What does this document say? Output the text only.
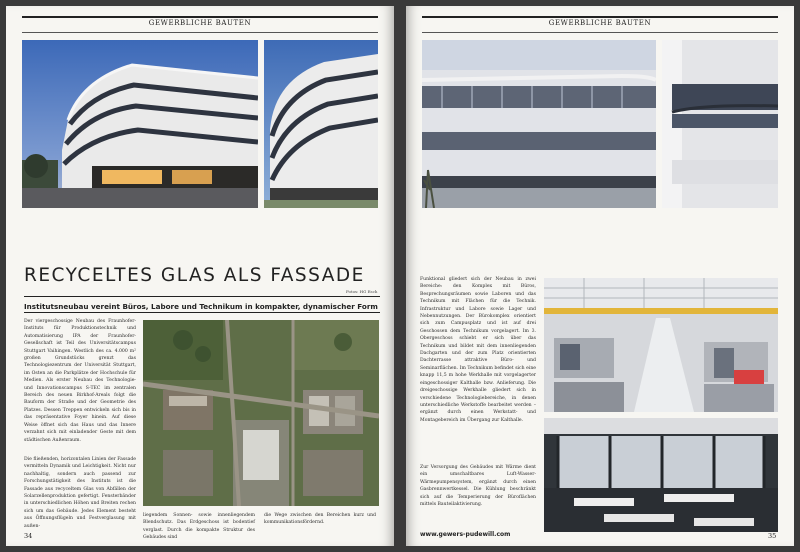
GEWERBLICHE BAUTEN
RECYCELTES GLAS ALS FASSADE
Fotos: HG Esch
Institutsneubau vereint Büros, Labore und Technikum in kompakter, dynamischer Form

Der viergeschossige Neubau des Fraunhofer-Instituts für Produktionstechnik und Automatisierung IPA der Fraunhofer-Gesellschaft ist Teil des Universitätscampus Stuttgart Vaihingen. Westlich des ca. 4.000 m² großen Grundstücks grenzt das Technologiezentrum der Universität Stuttgart, im Osten an die Parkplätze der Hochschule für Medien. Als erster Neubau des Technologie- und Innovationscampus S-TEC im zentralen Bereich des neuen Birkhof-Areals folgt die Bauform der Straße und der Geometrie des Platzes. Dessen Treppen entwickeln sich bis in das repräsentative Foyer hinein. Auf diese Weise öffnet sich das Haus und das Innere verzahnt sich mit einladender Geste mit dem städtischen Außenraum.

Die fließenden, horizontalen Linien der Fassade vermitteln Dynamik und Leichtigkeit. Nicht nur nachhaltig, sondern auch passend zur Forschungstätigkeit des Instituts ist die Fassade aus recyceltem Glas von Abfällen der Solarzellenproduktion gefertigt. Fensterbänder in unterschiedlichen Höhen und Breiten rechen sich um das Gebäude. Jedes Element besteht aus Öffnungsflügeln und Festverglasung mit außen-

liegendem Sonnen- sowie innenliegendem Blendschutz. Das Erdgeschoss ist bodentief verglast. Durch die kompakte Struktur des Gebäudes sind

die Wege zwischen den Bereichen kurz und kommunikationsfördernd.

34
GEWERBLICHE BAUTEN

Funktional gliedert sich der Neubau in zwei Bereiche: den Komplex mit Büros, Besprechungsräumen sowie Laboren und das Technikum mit Flächen für die Technik. Infrastruktur und Labore sowie Lager und Nebennutzungen. Der Bürokomplex orientiert sich zum Campusplatz und ist auf drei Geschossen dem Technikum vorgelagert. Im 3. Obergeschoss schiebt er sich über das Technikum und bildet mit dem innenliegenden Dachgarten und der zum Platz orientierten Dachterrasse attraktive Büro- und Seminarflächen. Im Technikum befindet sich eine knapp 11,5 m hohe Werkhalle mit vorgelagerter eingeschossiger Kalthalle bzw. Anlieferung. Die dreigeschossige Werkhalle gliedert sich in verschiedene Technologiebereiche, in denen unterschiedliche Werkstoffe bearbeitet werden – ergänzt durch einen Werkstatt- und Montagebereich im Übergang zur Kalthalle.

Zur Versorgung des Gebäudes mit Wärme dient ein umschaltbares Luft-Wasser-Wärmepumpensystem, ergänzt durch einen Gasbrennwertkessel. Die Kühlung beschränkt sich auf die Temperierung der Büroflächen mittels Bauteilaktivierung.

www.gewers-pudewill.com	35
